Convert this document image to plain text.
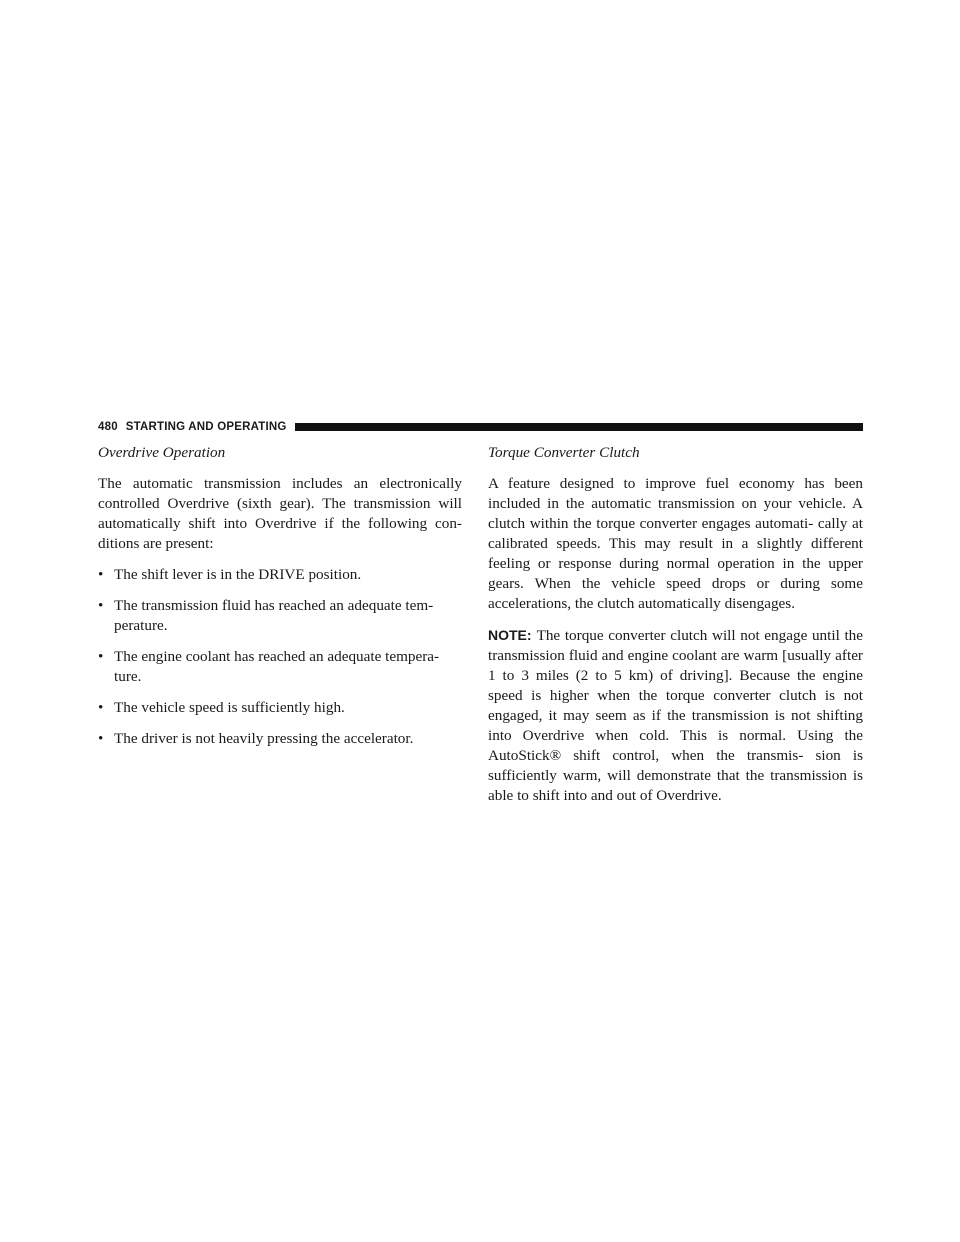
480 STARTING AND OPERATING
Overdrive Operation

The automatic transmission includes an electronically controlled Overdrive (sixth gear). The transmission will automatically shift into Overdrive if the following con- ditions are present:

• The shift lever is in the DRIVE position.
• The transmission fluid has reached an adequate tem- perature.
• The engine coolant has reached an adequate tempera- ture.
• The vehicle speed is sufficiently high.
• The driver is not heavily pressing the accelerator.
Torque Converter Clutch

A feature designed to improve fuel economy has been included in the automatic transmission on your vehicle. A clutch within the torque converter engages automati- cally at calibrated speeds. This may result in a slightly different feeling or response during normal operation in the upper gears. When the vehicle speed drops or during some accelerations, the clutch automatically disengages.

NOTE: The torque converter clutch will not engage until the transmission fluid and engine coolant are warm [usually after 1 to 3 miles (2 to 5 km) of driving]. Because the engine speed is higher when the torque converter clutch is not engaged, it may seem as if the transmission is not shifting into Overdrive when cold. This is normal. Using the AutoStick® shift control, when the transmis- sion is sufficiently warm, will demonstrate that the transmission is able to shift into and out of Overdrive.
